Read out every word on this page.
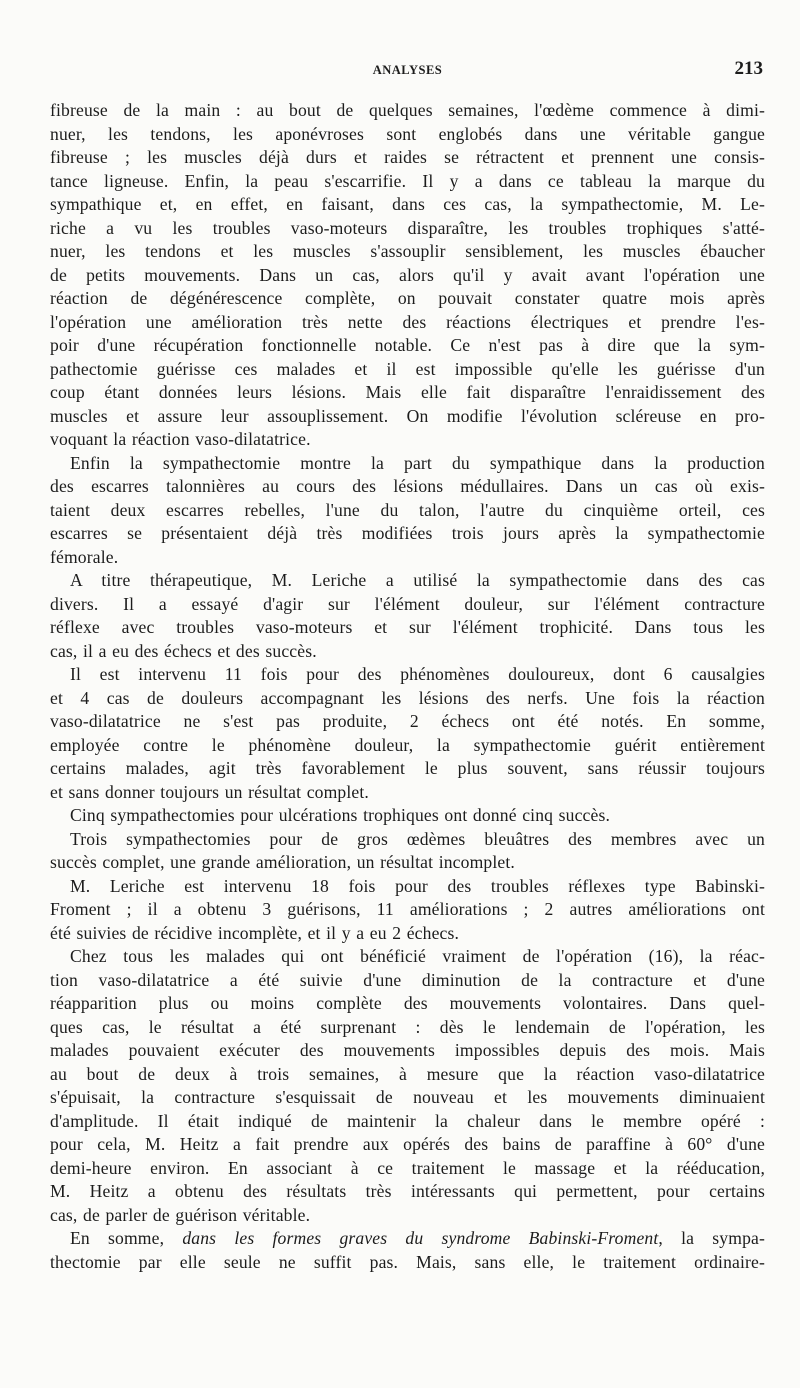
ANALYSES	213
fibreuse de la main : au bout de quelques semaines, l'œdème commence à dimi-
nuer, les tendons, les aponévroses sont englobés dans une véritable gangue
fibreuse ; les muscles déjà durs et raides se rétractent et prennent une consis-
tance ligneuse. Enfin, la peau s'escarrifie. Il y a dans ce tableau la marque du
sympathique et, en effet, en faisant, dans ces cas, la sympathectomie, M. Le-
riche a vu les troubles vaso-moteurs disparaître, les troubles trophiques s'atté-
nuer, les tendons et les muscles s'assouplir sensiblement, les muscles ébaucher
de petits mouvements. Dans un cas, alors qu'il y avait avant l'opération une
réaction de dégénérescence complète, on pouvait constater quatre mois après
l'opération une amélioration très nette des réactions électriques et prendre l'es-
poir d'une récupération fonctionnelle notable. Ce n'est pas à dire que la sym-
pathectomie guérisse ces malades et il est impossible qu'elle les guérisse d'un
coup étant données leurs lésions. Mais elle fait disparaître l'enraidissement des
muscles et assure leur assouplissement. On modifie l'évolution scléreuse en pro-
voquant la réaction vaso-dilatatrice.
Enfin la sympathectomie montre la part du sympathique dans la production
des escarres talonnières au cours des lésions médullaires. Dans un cas où exis-
taient deux escarres rebelles, l'une du talon, l'autre du cinquième orteil, ces
escarres se présentaient déjà très modifiées trois jours après la sympathectomie
fémorale.
A titre thérapeutique, M. Leriche a utilisé la sympathectomie dans des cas
divers. Il a essayé d'agir sur l'élément douleur, sur l'élément contracture
réflexe avec troubles vaso-moteurs et sur l'élément trophicité. Dans tous les
cas, il a eu des échecs et des succès.
Il est intervenu 11 fois pour des phénomènes douloureux, dont 6 causalgies
et 4 cas de douleurs accompagnant les lésions des nerfs. Une fois la réaction
vaso-dilatatrice ne s'est pas produite, 2 échecs ont été notés. En somme,
employée contre le phénomène douleur, la sympathectomie guérit entièrement
certains malades, agit très favorablement le plus souvent, sans réussir toujours
et sans donner toujours un résultat complet.
Cinq sympathectomies pour ulcérations trophiques ont donné cinq succès.
Trois sympathectomies pour de gros œdèmes bleuâtres des membres avec un
succès complet, une grande amélioration, un résultat incomplet.
M. Leriche est intervenu 18 fois pour des troubles réflexes type Babinski-
Froment ; il a obtenu 3 guérisons, 11 améliorations ; 2 autres améliorations ont
été suivies de récidive incomplète, et il y a eu 2 échecs.
Chez tous les malades qui ont bénéficié vraiment de l'opération (16), la réac-
tion vaso-dilatatrice a été suivie d'une diminution de la contracture et d'une
réapparition plus ou moins complète des mouvements volontaires. Dans quel-
ques cas, le résultat a été surprenant : dès le lendemain de l'opération, les
malades pouvaient exécuter des mouvements impossibles depuis des mois. Mais
au bout de deux à trois semaines, à mesure que la réaction vaso-dilatatrice
s'épuisait, la contracture s'esquissait de nouveau et les mouvements diminuaient
d'amplitude. Il était indiqué de maintenir la chaleur dans le membre opéré :
pour cela, M. Heitz a fait prendre aux opérés des bains de paraffine à 60° d'une
demi-heure environ. En associant à ce traitement le massage et la rééducation,
M. Heitz a obtenu des résultats très intéressants qui permettent, pour certains
cas, de parler de guérison véritable.
En somme, dans les formes graves du syndrome Babinski-Froment, la sympa-
thectomie par elle seule ne suffit pas. Mais, sans elle, le traitement ordinaire-
